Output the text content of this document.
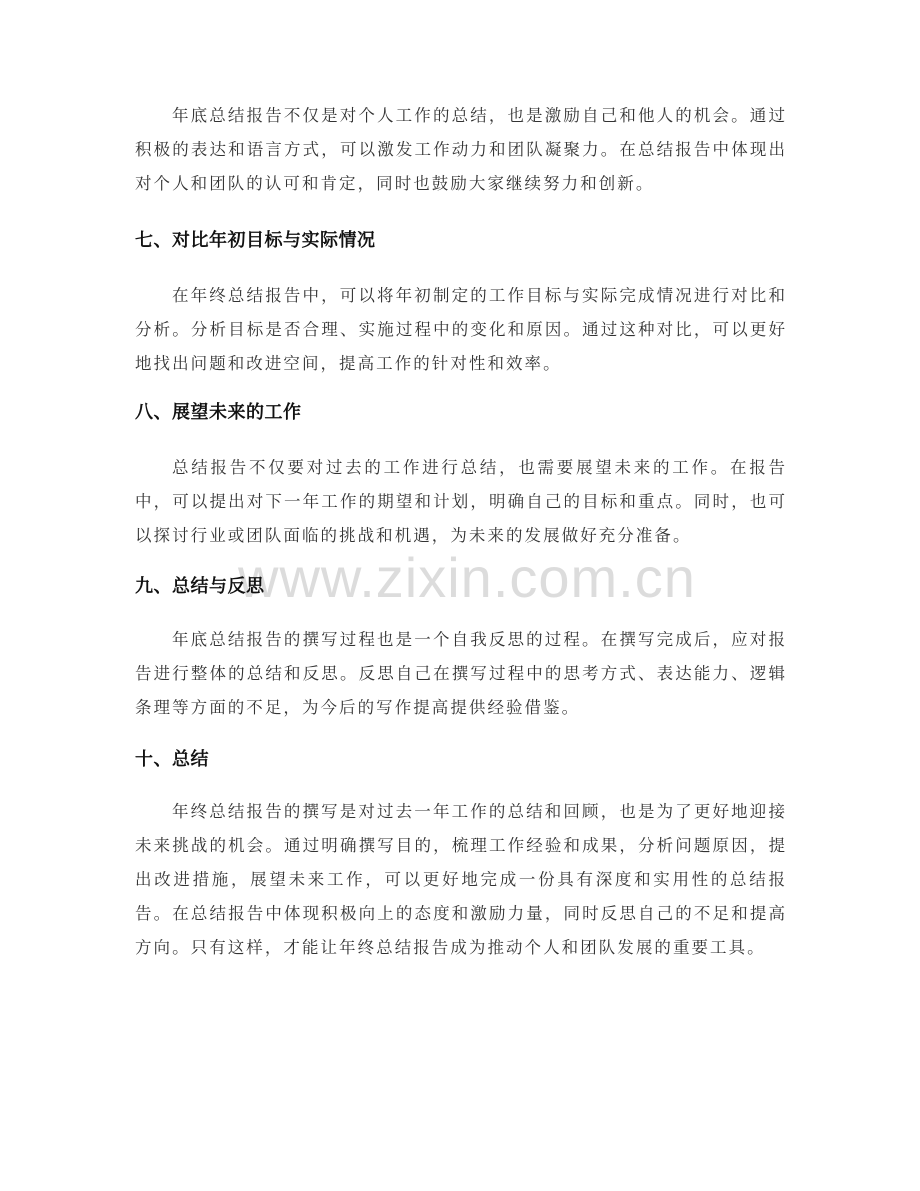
www.zixin.com.cn

年底总结报告不仅是对个人工作的总结，也是激励自己和他人的机会。通过积极的表达和语言方式，可以激发工作动力和团队凝聚力。在总结报告中体现出对个人和团队的认可和肯定，同时也鼓励大家继续努力和创新。

七、对比年初目标与实际情况

在年终总结报告中，可以将年初制定的工作目标与实际完成情况进行对比和分析。分析目标是否合理、实施过程中的变化和原因。通过这种对比，可以更好地找出问题和改进空间，提高工作的针对性和效率。

八、展望未来的工作

总结报告不仅要对过去的工作进行总结，也需要展望未来的工作。在报告中，可以提出对下一年工作的期望和计划，明确自己的目标和重点。同时，也可以探讨行业或团队面临的挑战和机遇，为未来的发展做好充分准备。

九、总结与反思

年底总结报告的撰写过程也是一个自我反思的过程。在撰写完成后，应对报告进行整体的总结和反思。反思自己在撰写过程中的思考方式、表达能力、逻辑条理等方面的不足，为今后的写作提高提供经验借鉴。

十、总结

年终总结报告的撰写是对过去一年工作的总结和回顾，也是为了更好地迎接未来挑战的机会。通过明确撰写目的，梳理工作经验和成果，分析问题原因，提出改进措施，展望未来工作，可以更好地完成一份具有深度和实用性的总结报告。在总结报告中体现积极向上的态度和激励力量，同时反思自己的不足和提高方向。只有这样，才能让年终总结报告成为推动个人和团队发展的重要工具。
